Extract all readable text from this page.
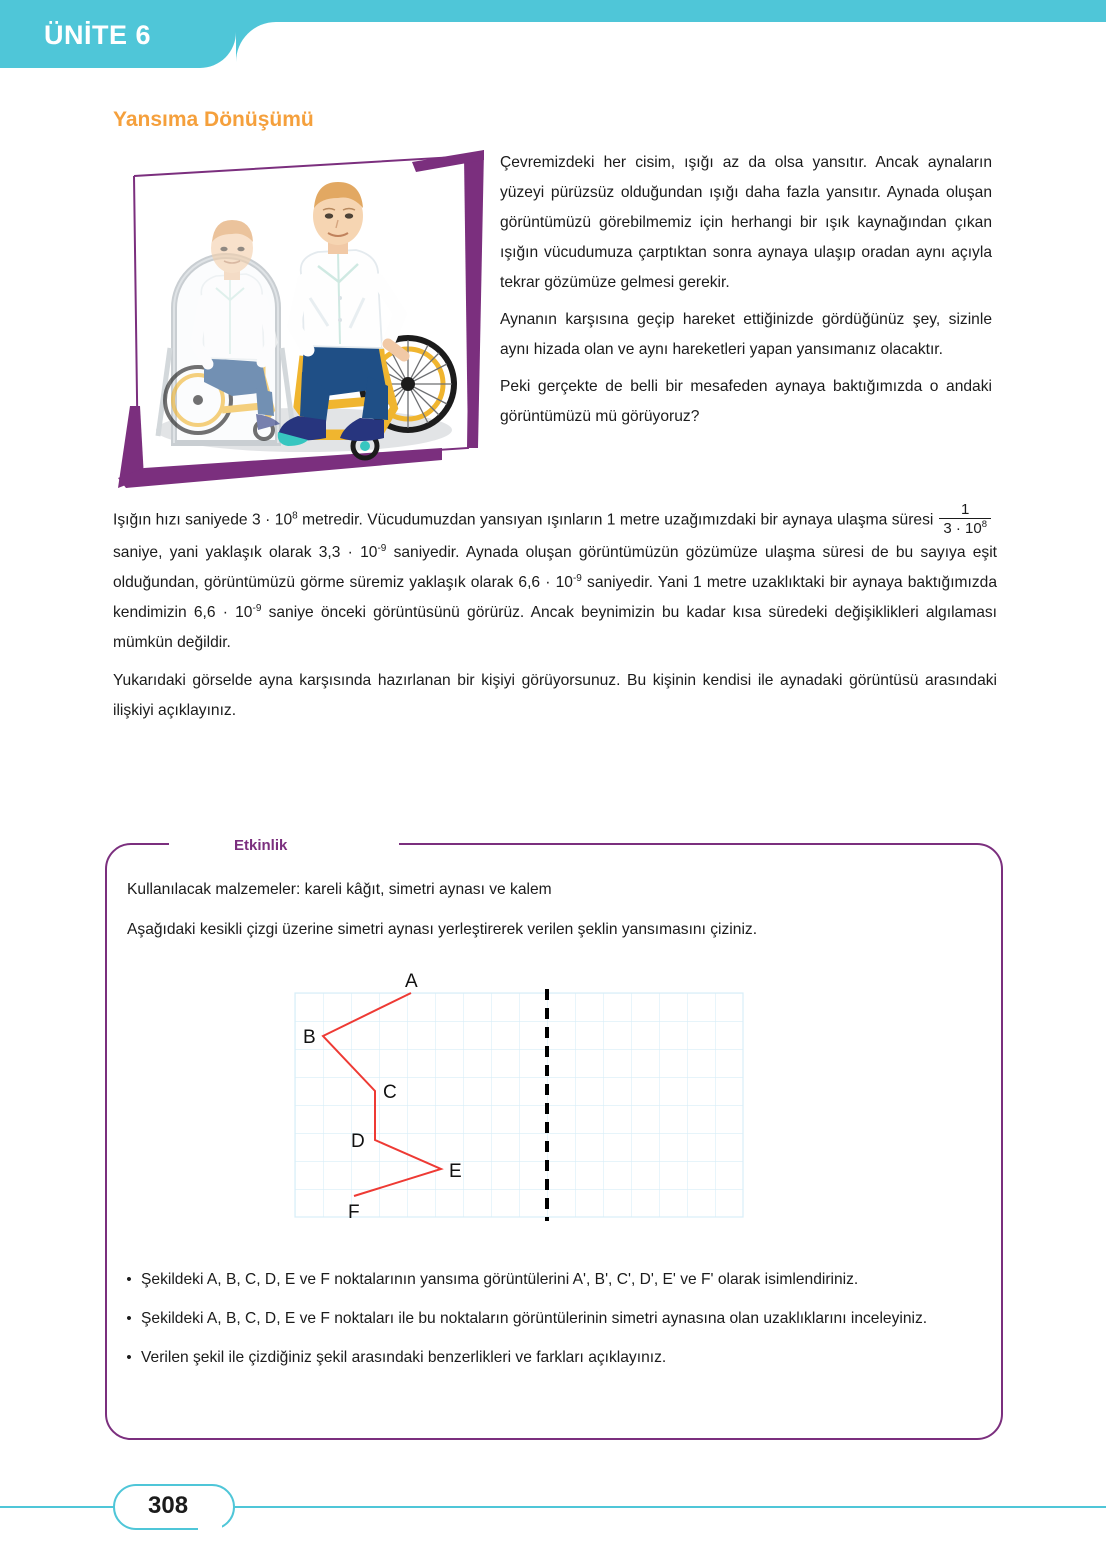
ÜNİTE 6
Yansıma Dönüşümü

Çevremizdeki her cisim, ışığı az da olsa yansıtır. Ancak aynaların yüzeyi pürüzsüz olduğundan ışığı daha fazla yansıtır. Aynada oluşan görüntümüzü görebilmemiz için herhangi bir ışık kaynağından çıkan ışığın vücudumuza çarptıktan sonra aynaya ulaşıp oradan aynı açıyla tekrar gözümüze gelmesi gerekir.

Aynanın karşısına geçip hareket ettiğinizde gördüğünüz şey, sizinle aynı hizada olan ve aynı hareketleri yapan yansımanız olacaktır.

Peki gerçekte de belli bir mesafeden aynaya baktığımızda o andaki görüntümüzü mü görüyoruz?

Işığın hızı saniyede $3 \cdot 10^8$ metredir. Vücudumuzdan yansıyan ışınların 1 metre uzağımızdaki bir aynaya ulaşma süresi $\frac{1}{3 \cdot 10^8}$
saniye, yani yaklaşık olarak $3,3 \cdot 10^{-9}$ saniyedir. Aynada oluşan görüntümüzün gözümüze ulaşma süresi de bu sayıya eşit olduğundan, görüntümüzü görme süremiz yaklaşık olarak $6,6 \cdot 10^{-9}$ saniyedir. Yani 1 metre uzaklıktaki bir aynaya baktığımızda kendimizin $6,6 \cdot 10^{-9}$ saniye önceki görüntüsünü görürüz. Ancak beynimizin bu kadar kısa süredeki değişiklikleri algılaması mümkün değildir.

Yukarıdaki görselde ayna karşısında hazırlanan bir kişiyi görüyorsunuz. Bu kişinin kendisi ile aynadaki görüntüsü arasındaki ilişkiyi açıklayınız.

Kullanılacak malzemeler: kareli kâğıt, simetri aynası ve kalem

Aşağıdaki kesikli çizgi üzerine simetri aynası yerleştirerek verilen şeklin yansımasını çiziniz.

A
B
C
D
E
F
• Şekildeki A, B, C, D, E ve F noktalarının yansıma görüntülerini A', B', C', D', E' ve F' olarak isimlendiriniz.
• Şekildeki A, B, C, D, E ve F noktaları ile bu noktaların görüntülerinin simetri aynasına olan uzaklıklarını inceleyiniz.
• Verilen şekil ile çizdiğiniz şekil arasındaki benzerlikleri ve farkları açıklayınız.
Etkinlik
308
